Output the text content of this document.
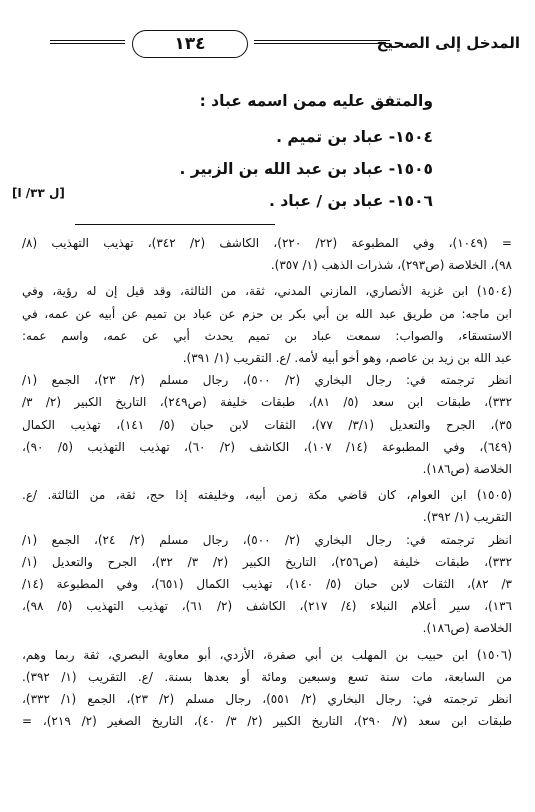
١٣٤	المدخل إلى الصحيح
والمتفق عليه ممن اسمه عباد :
١٥٠٤- عباد بن تميم .
١٥٠٥- عباد بن عبد الله بن الزبير .
١٥٠٦- عباد بن / عباد .
[ل ٣٣/ ا]
= (١٠٤٩)، وفي المطبوعة (٢٢/ ٢٢٠)، الكاشف (٢/ ٣٤٢)، تهذيب التهذيب (٨/
٩٨)، الخلاصة (ص٢٩٣)، شذرات الذهب (١/ ٣٥٧).
(١٥٠٤) ابن غزية الأنصاري، المازني المدني، ثقة، من الثالثة، وقد قيل إن له رؤية، وفي
ابن ماجه: من طريق عبد الله بن أبي بكر بن حزم عن عباد بن تميم عن أبيه عن عمه، في
الاستسقاء، والصواب: سمعت عباد بن تميم يحدث أبي عن عمه، واسم عمه:
عبد الله بن زيد بن عاصم، وهو أخو أبيه لأمه. /ع. التقريب (١/ ٣٩١).
انظر ترجمته في: رجال البخاري (٢/ ٥٠٠)، رجال مسلم (٢/ ٢٣)، الجمع (١/
٣٣٢)، طبقات ابن سعد (٥/ ٨١)، طبقات خليفة (ص٢٤٩)، التاريخ الكبير (٢/ ٣/
٣٥)، الجرح والتعديل (٣/١/ ٧٧)، الثقات لابن حبان (٥/ ١٤١)، تهذيب الكمال
(٦٤٩)، وفي المطبوعة (١٤/ ١٠٧)، الكاشف (٢/ ٦٠)، تهذيب التهذيب (٥/ ٩٠)،
الخلاصة (ص١٨٦).
(١٥٠٥) ابن العوام، كان قاضي مكة زمن أبيه، وخليفته إذا حج، ثقة، من الثالثة. /ع.
التقريب (١/ ٣٩٢).
انظر ترجمته في: رجال البخاري (٢/ ٥٠٠)، رجال مسلم (٢/ ٢٤)، الجمع (١/
٣٣٢)، طبقات خليفة (ص٢٥٦)، التاريخ الكبير (٢/ ٣/ ٣٢)، الجرح والتعديل (١/
٣/ ٨٢)، الثقات لابن حبان (٥/ ١٤٠)، تهذيب الكمال (٦٥١)، وفي المطبوعة (١٤/
١٣٦)، سير أعلام النبلاء (٤/ ٢١٧)، الكاشف (٢/ ٦١)، تهذيب التهذيب (٥/ ٩٨)،
الخلاصة (ص١٨٦).
(١٥٠٦) ابن حبيب بن المهلب بن أبي صفرة، الأزدي، أبو معاوية البصري، ثقة ربما وهم،
من السابعة، مات سنة تسع وسبعين ومائة أو بعدها بسنة. /ع. التقريب (١/ ٣٩٢).
انظر ترجمته في: رجال البخاري (٢/ ٥٥١)، رجال مسلم (٢/ ٢٣)، الجمع (١/ ٣٣٢)،
طبقات ابن سعد (٧/ ٢٩٠)، التاريخ الكبير (٢/ ٣/ ٤٠)، التاريخ الصغير (٢/ ٢١٩)، =
